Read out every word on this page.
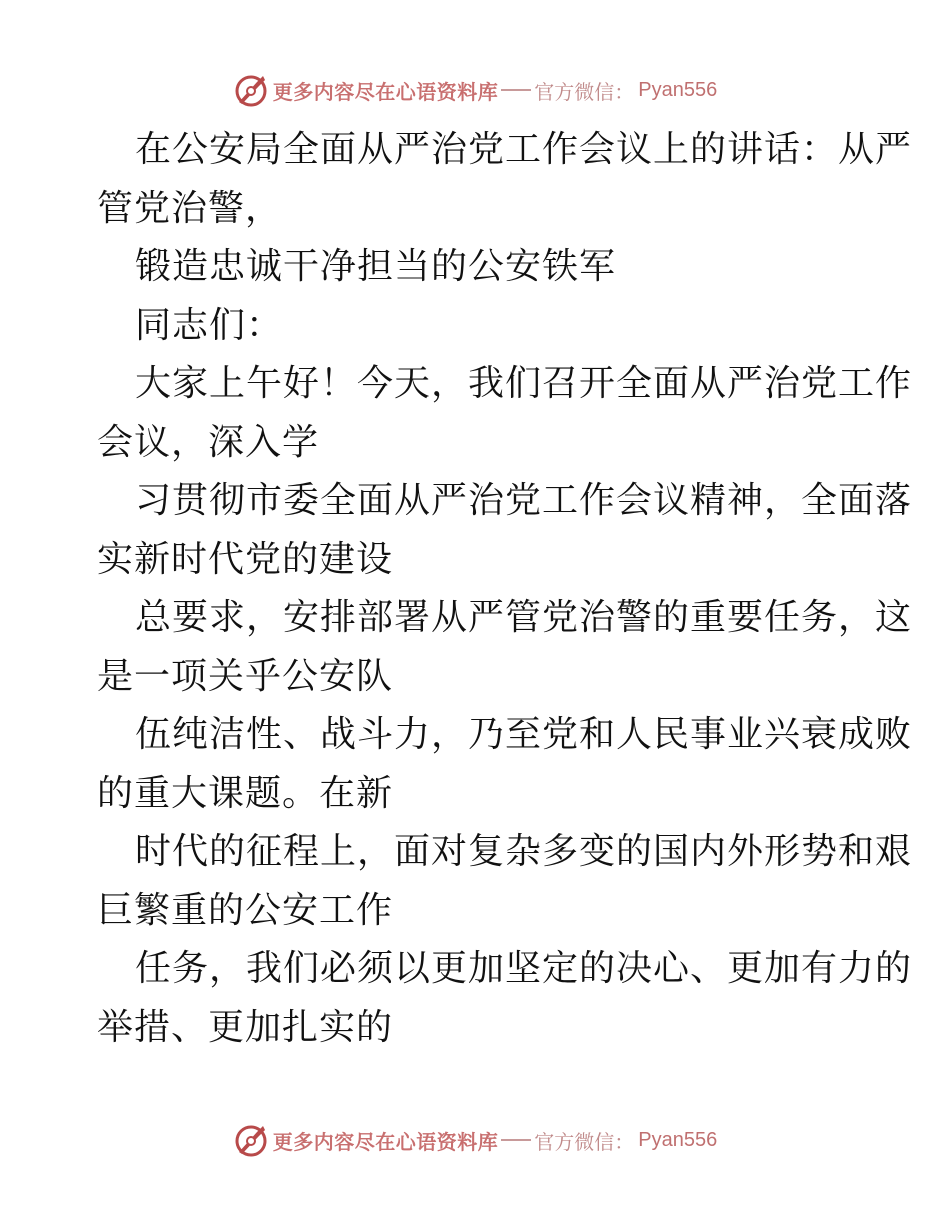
更多内容尽在心语资料库 官方微信： Pyan556
在公安局全面从严治党工作会议上的讲话：从严
管党治警，
锻造忠诚干净担当的公安铁军
同志们：
大家上午好！今天，我们召开全面从严治党工作
会议，深入学
习贯彻市委全面从严治党工作会议精神，全面落
实新时代党的建设
总要求，安排部署从严管党治警的重要任务，这
是一项关乎公安队
伍纯洁性、战斗力，乃至党和人民事业兴衰成败
的重大课题。在新
时代的征程上，面对复杂多变的国内外形势和艰
巨繁重的公安工作
任务，我们必须以更加坚定的决心、更加有力的
举措、更加扎实的
更多内容尽在心语资料库 官方微信： Pyan556
